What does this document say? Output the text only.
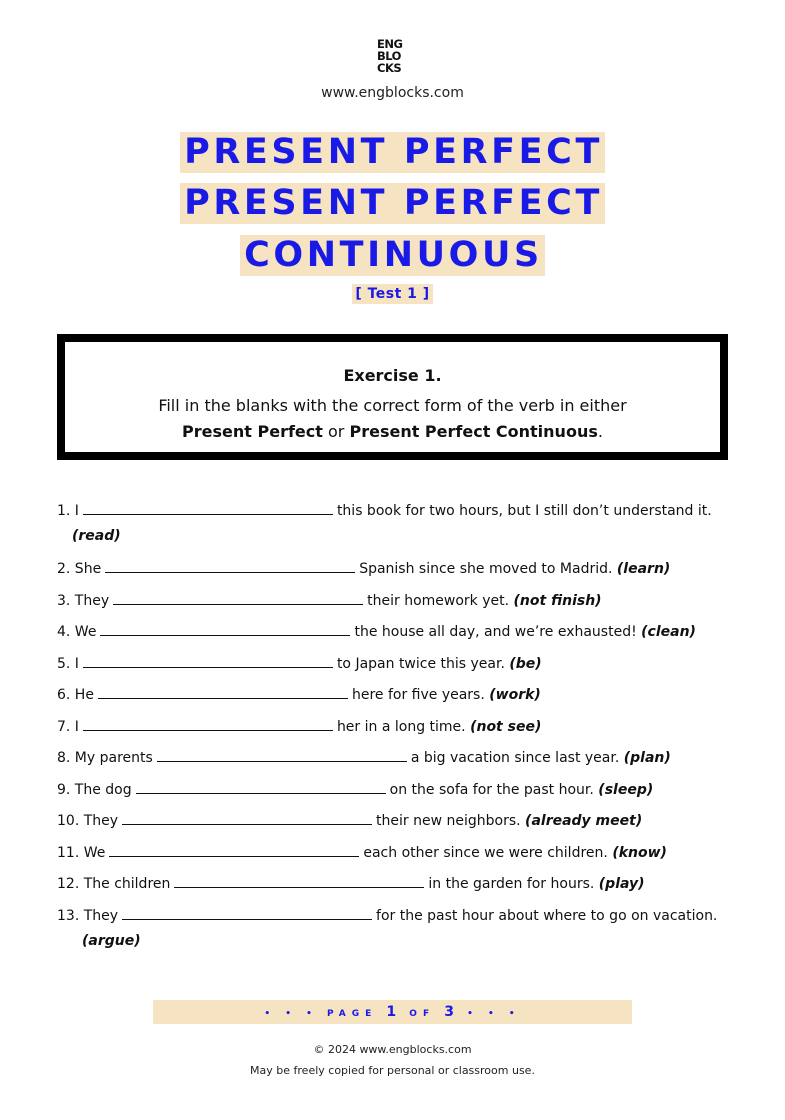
ENG
BLO
CKS
www.engblocks.com
PRESENT PERFECT
PRESENT PERFECT
CONTINUOUS
[ Test 1 ]
Exercise 1.
Fill in the blanks with the correct form of the verb in either
Present Perfect or Present Perfect Continuous.
1. I	this book for two hours, but I still don’t understand it.
(read)
2. She	Spanish since she moved to Madrid. (learn)
3. They	their homework yet. (not finish)
4. We	the house all day, and we’re exhausted! (clean)
5. I	to Japan twice this year. (be)
6. He	here for five years. (work)
7. I	her in a long time. (not see)
8. My parents	a big vacation since last year. (plan)
9. The dog	on the sofa for the past hour. (sleep)
10. They	their new neighbors. (already meet)
11. We	each other since we were children. (know)
12. The children	in the garden for hours. (play)
13. They	for the past hour about where to go on vacation.
(argue)
• • • PAGE 1 OF 3 • • •
© 2024 www.engblocks.com
May be freely copied for personal or classroom use.
